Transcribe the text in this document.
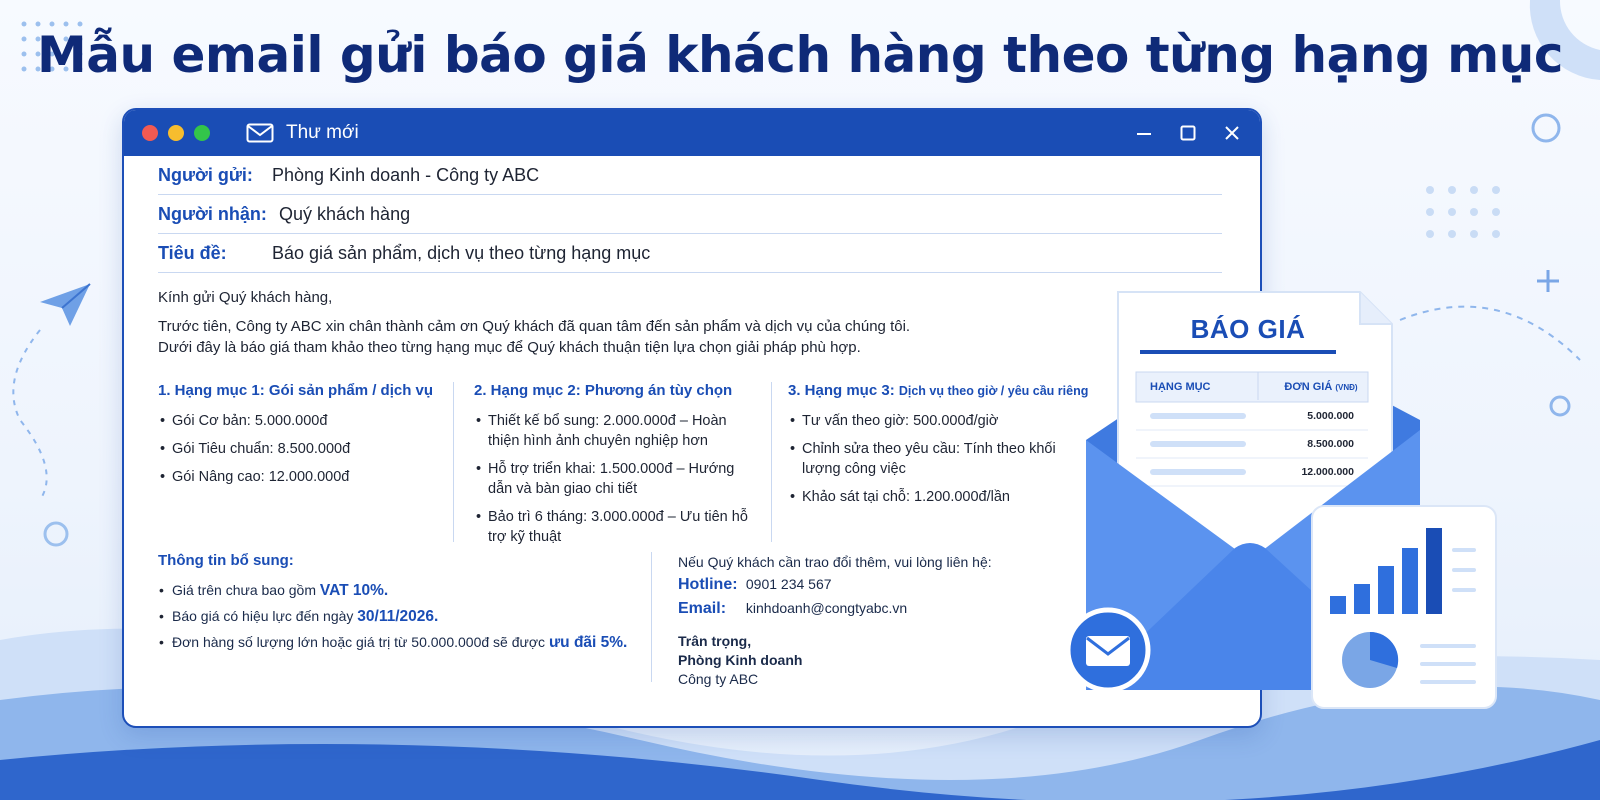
Mẫu email gửi báo giá khách hàng theo từng hạng mục
Thư mới
Người gửi:	Phòng Kinh doanh - Công ty ABC
Người nhận: Quý khách hàng
Tiêu đề:	Báo giá sản phẩm, dịch vụ theo từng hạng mục

Kính gửi Quý khách hàng,

Trước tiên, Công ty ABC xin chân thành cảm ơn Quý khách đã quan tâm đến sản phẩm và dịch vụ của chúng tôi.
Dưới đây là báo giá tham khảo theo từng hạng mục để Quý khách thuận tiện lựa chọn giải pháp phù hợp.

1. Hạng mục 1: Gói sản phẩm / dịch vụ
• Gói Cơ bản: 5.000.000đ
• Gói Tiêu chuẩn: 8.500.000đ
• Gói Nâng cao: 12.000.000đ
2. Hạng mục 2: Phương án tùy chọn
• Thiết kế bổ sung: 2.000.000đ – Hoàn thiện hình ảnh chuyên nghiệp hơn
• Hỗ trợ triển khai: 1.500.000đ – Hướng dẫn và bàn giao chi tiết
• Bảo trì 6 tháng: 3.000.000đ – Ưu tiên hỗ trợ kỹ thuật
3. Hạng mục 3: Dịch vụ theo giờ / yêu cầu riêng
• Tư vấn theo giờ: 500.000đ/giờ
• Chỉnh sửa theo yêu cầu: Tính theo khối lượng công việc
• Khảo sát tại chỗ: 1.200.000đ/lần
Thông tin bổ sung:
• Giá trên chưa bao gồm VAT 10%.
• Báo giá có hiệu lực đến ngày 30/11/2026.
• Đơn hàng số lượng lớn hoặc giá trị từ 50.000.000đ sẽ được ưu đãi 5%.

Nếu Quý khách cần trao đổi thêm, vui lòng liên hệ:

Hotline: 0901 234 567

Email: kinhdoanh@congtyabc.vn

Trân trọng,
Phòng Kinh doanh
Công ty ABC
BÁO GIÁ
HẠNG MỤC	ĐƠN GIÁ (VNĐ)
5.000.000
8.500.000
12.000.000
